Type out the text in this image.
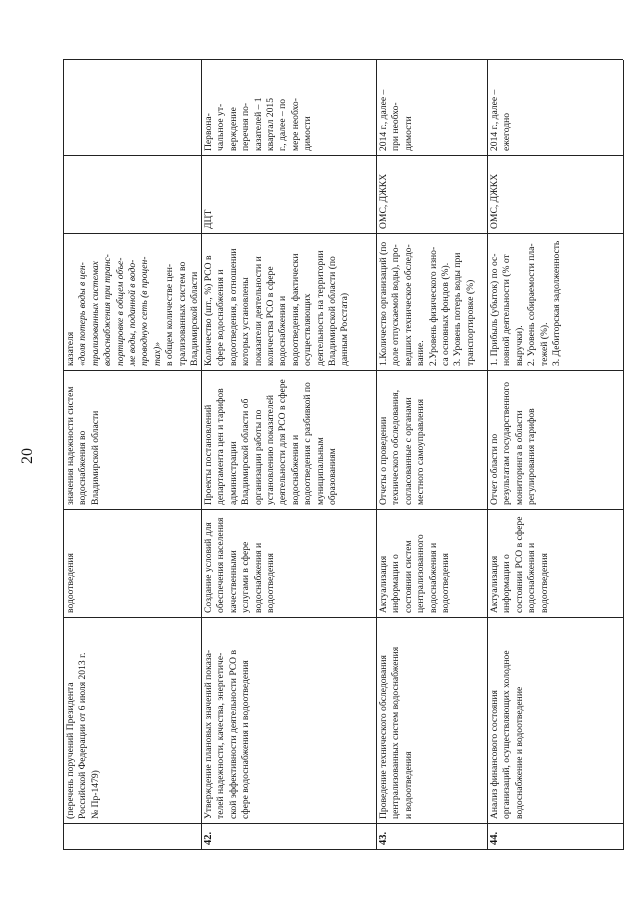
20
(перечень поручений Президента Российской Федерации от 6 июля 2013 г. № Пр-1479)
водоотведения
значения надежности систем водоснабжения во Владимирской области
казателя «доля потерь воды в цен- трализованных системах водоснабжения при транс- портировке в общем объе- ме воды, поданной в водо- проводную сеть (в процен- тах)» в общем количестве цен- трализованных систем во Владимирской области
42.
Утверждение плановых значений показа- телей надежности, качества, энергетиче- ской эффективности деятельности РСО в сфере водоснабжения и водоотведения
Создание условий для обеспечения населения качественными услугами в сфере водоснабжения и водоотведения
Проекты постановлений департамента цен и тарифов администрации Владимирской области об организации работы по установлению показателей деятельности для РСО в сфере водоснабжения и водоотведения с разбивкой по муниципальным образованиям
Количество (шт., %) РСО в сфере водоснабжения и водоотведения, в отношении которых установлены показатели деятельности и количества РСО в сфере водоснабжения и водоотведения, фактически осуществляющих деятельность на территории Владимирской области (по данным Росстата)
ДЦТ
Первона- чальное ут- верждение перечня по- казателей – 1 квартал 2015 г., далее – по мере необхо- димости
43.
Проведение технического обследования централизованных систем водоснабжения и водоотведения
Актуализация информации о состоянии систем централизованного водоснабжения и водоотведения
Отчеты о проведении технического обследования, согласованные с органами местного самоуправления
1.Количество организаций (по доле отпускаемой воды), про- ведших техническое обследо- вание. 2.Уровень физического изно- са основных фондов (%). 3. Уровень потерь воды при транспортировке (%)
ОМС, ДЖКХ
2014 г., далее – при необхо- димости
44.
Анализ финансового состояния организаций, осуществляющих холодное водоснабжение и водоотведение
Актуализация информации о состоянии РСО в сфере водоснабжения и водоотведения
Отчет области по результатам государственного мониторинга в области регулирования тарифов
1. Прибыль (убыток) по ос- новной деятельности (% от выручки). 2. Уровень собираемости пла- тежей (%). 3. Дебиторская задолженность
ОМС, ДЖКХ
2014 г., далее – ежегодно
